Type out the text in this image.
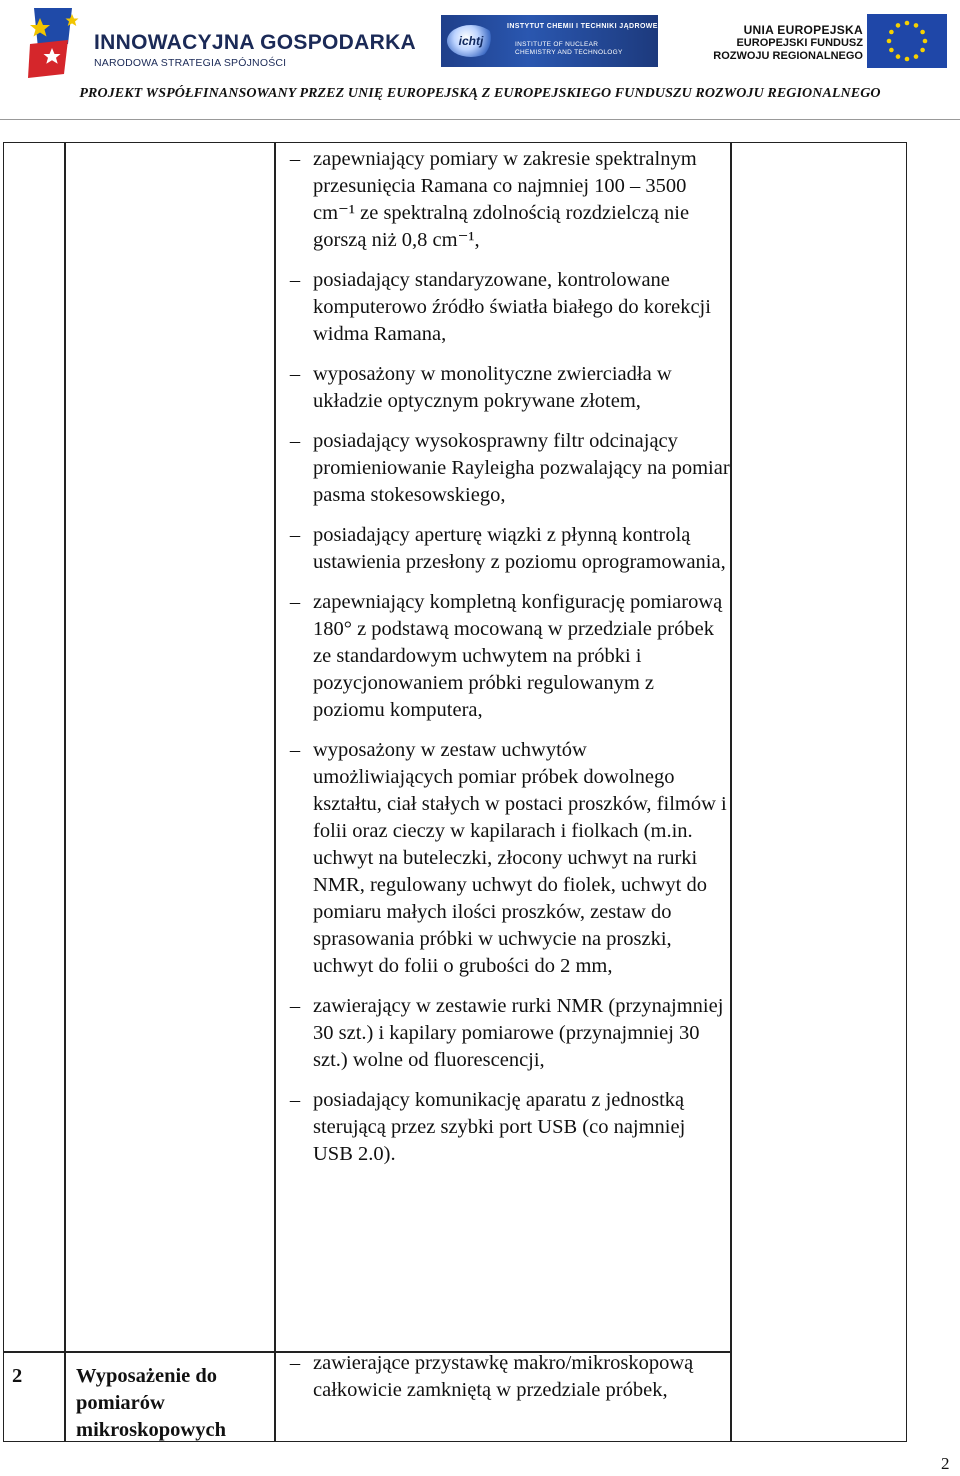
INNOWACYJNA GOSPODARKA
NARODOWA STRATEGIA SPÓJNOŚCI
ichtj
INSTYTUT CHEMII I TECHNIKI JĄDROWEJ
INSTITUTE OF NUCLEAR
CHEMISTRY AND TECHNOLOGY
UNIA EUROPEJSKA
EUROPEJSKI FUNDUSZ
ROZWOJU REGIONALNEGO
PROJEKT WSPÓŁFINANSOWANY PRZEZ UNIĘ EUROPEJSKĄ Z EUROPEJSKIEGO FUNDUSZU ROZWOJU REGIONALNEGO
– zapewniający pomiary w zakresie spektralnym przesunięcia Ramana co najmniej 100 – 3500 cm⁻¹ ze spektralną zdolnością rozdzielczą nie gorszą niż 0,8 cm⁻¹,
– posiadający standaryzowane, kontrolowane komputerowo źródło światła białego do korekcji widma Ramana,
– wyposażony w monolityczne zwierciadła w układzie optycznym pokrywane złotem,
– posiadający wysokosprawny filtr odcinający promieniowanie Rayleigha pozwalający na pomiar pasma stokesowskiego,
– posiadający aperturę wiązki z płynną kontrolą ustawienia przesłony z poziomu oprogramowania,
– zapewniający kompletną konfigurację pomiarową 180° z podstawą mocowaną w przedziale próbek ze standardowym uchwytem na próbki i pozycjonowaniem próbki regulowanym z poziomu komputera,
– wyposażony w zestaw uchwytów umożliwiających pomiar próbek dowolnego kształtu, ciał stałych w postaci proszków, filmów i folii oraz cieczy w kapilarach i fiolkach (m.in. uchwyt na buteleczki, złocony uchwyt na rurki NMR, regulowany uchwyt do fiolek, uchwyt do pomiaru małych ilości proszków, zestaw do sprasowania próbki w uchwycie na proszki, uchwyt do folii o grubości do 2 mm,
– zawierający w zestawie rurki NMR (przynajmniej 30 szt.) i kapilary pomiarowe (przynajmniej 30 szt.) wolne od fluorescencji,
– posiadający komunikację aparatu z jednostką sterującą przez szybki port USB (co najmniej USB 2.0).
– zawierające przystawkę makro/mikroskopową całkowicie zamkniętą w przedziale próbek,
2	Wyposażenie do pomiarów mikroskopowych
2
